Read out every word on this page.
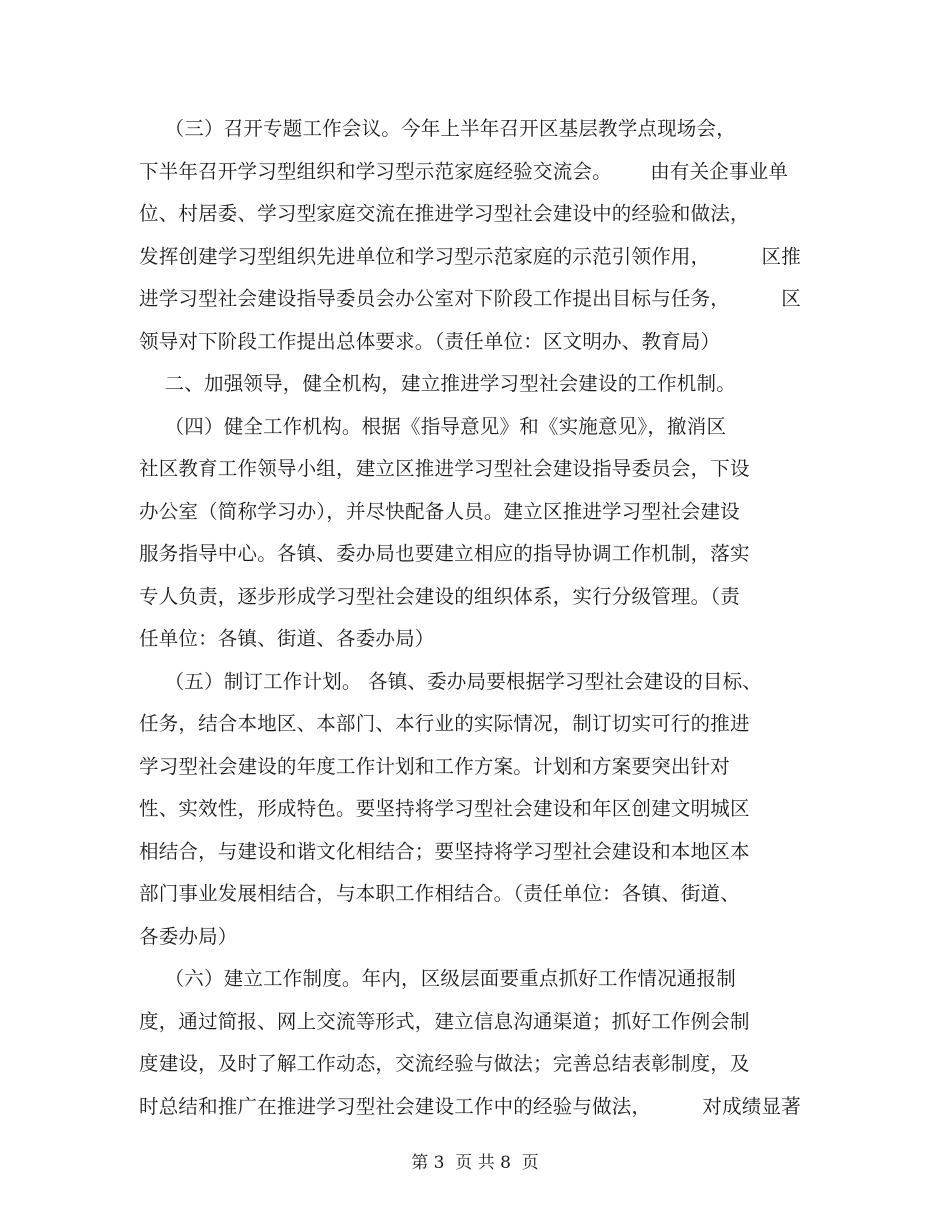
（三）召开专题工作会议。今年上半年召开区基层教学点现场会，
下半年召开学习型组织和学习型示范家庭经验交流会。      由有关企事业单
位、村居委、学习型家庭交流在推进学习型社会建设中的经验和做法，
发挥创建学习型组织先进单位和学习型示范家庭的示范引领作用，        区推
进学习型社会建设指导委员会办公室对下阶段工作提出目标与任务，        区
领导对下阶段工作提出总体要求。（责任单位：区文明办、教育局）
二、加强领导，健全机构，建立推进学习型社会建设的工作机制。
（四）健全工作机构。根据《指导意见》和《实施意见》，撤消区
社区教育工作领导小组，建立区推进学习型社会建设指导委员会，下设
办公室（简称学习办），并尽快配备人员。建立区推进学习型社会建设
服务指导中心。各镇、委办局也要建立相应的指导协调工作机制，落实
专人负责，逐步形成学习型社会建设的组织体系，实行分级管理。（责
任单位：各镇、街道、各委办局）
（五）制订工作计划。 各镇、委办局要根据学习型社会建设的目标、
任务，结合本地区、本部门、本行业的实际情况，制订切实可行的推进
学习型社会建设的年度工作计划和工作方案。计划和方案要突出针对
性、实效性，形成特色。要坚持将学习型社会建设和年区创建文明城区
相结合，与建设和谐文化相结合；要坚持将学习型社会建设和本地区本
部门事业发展相结合，与本职工作相结合。（责任单位：各镇、街道、
各委办局）
（六）建立工作制度。年内，区级层面要重点抓好工作情况通报制
度，通过简报、网上交流等形式，建立信息沟通渠道；抓好工作例会制
度建设，及时了解工作动态，交流经验与做法；完善总结表彰制度，及
时总结和推广在推进学习型社会建设工作中的经验与做法，        对成绩显著
第 3  页 共 8  页
